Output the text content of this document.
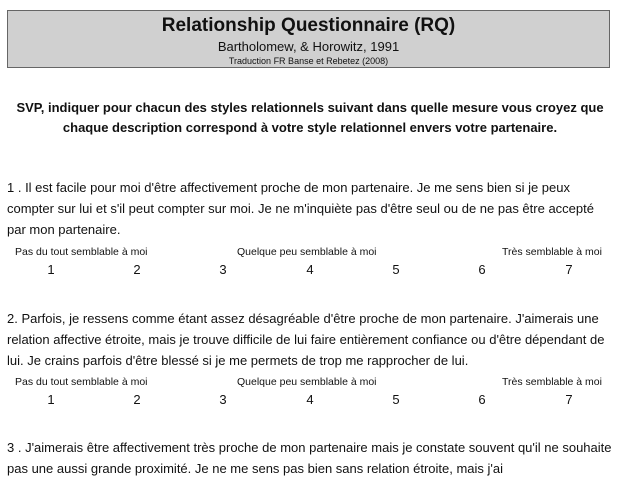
Relationship Questionnaire (RQ)
Bartholomew, & Horowitz, 1991
Traduction FR Banse et Rebetez (2008)
SVP, indiquer pour chacun des styles relationnels suivant dans quelle mesure vous croyez que chaque description correspond à votre style relationnel envers votre partenaire.
1 . Il est facile pour moi d'être affectivement proche de mon partenaire. Je me sens bien si je peux compter sur lui et s'il peut compter sur moi. Je ne m'inquiète pas d'être seul ou de ne pas être accepté par mon partenaire.
Pas du tout semblable à moi	Quelque peu semblable à moi	Très semblable à moi
1	2	3	4	5	6	7
2. Parfois, je ressens comme étant assez désagréable d'être proche de mon partenaire. J'aimerais une relation affective étroite, mais je trouve difficile de lui faire entièrement confiance ou d'être dépendant de lui. Je crains parfois d'être blessé si je me permets de trop me rapprocher de lui.
Pas du tout semblable à moi	Quelque peu semblable à moi	Très semblable à moi
1	2	3	4	5	6	7
3 . J'aimerais être affectivement très proche de mon partenaire mais je constate souvent qu'il ne souhaite pas une aussi grande proximité. Je ne me sens pas bien sans relation étroite, mais j'ai
